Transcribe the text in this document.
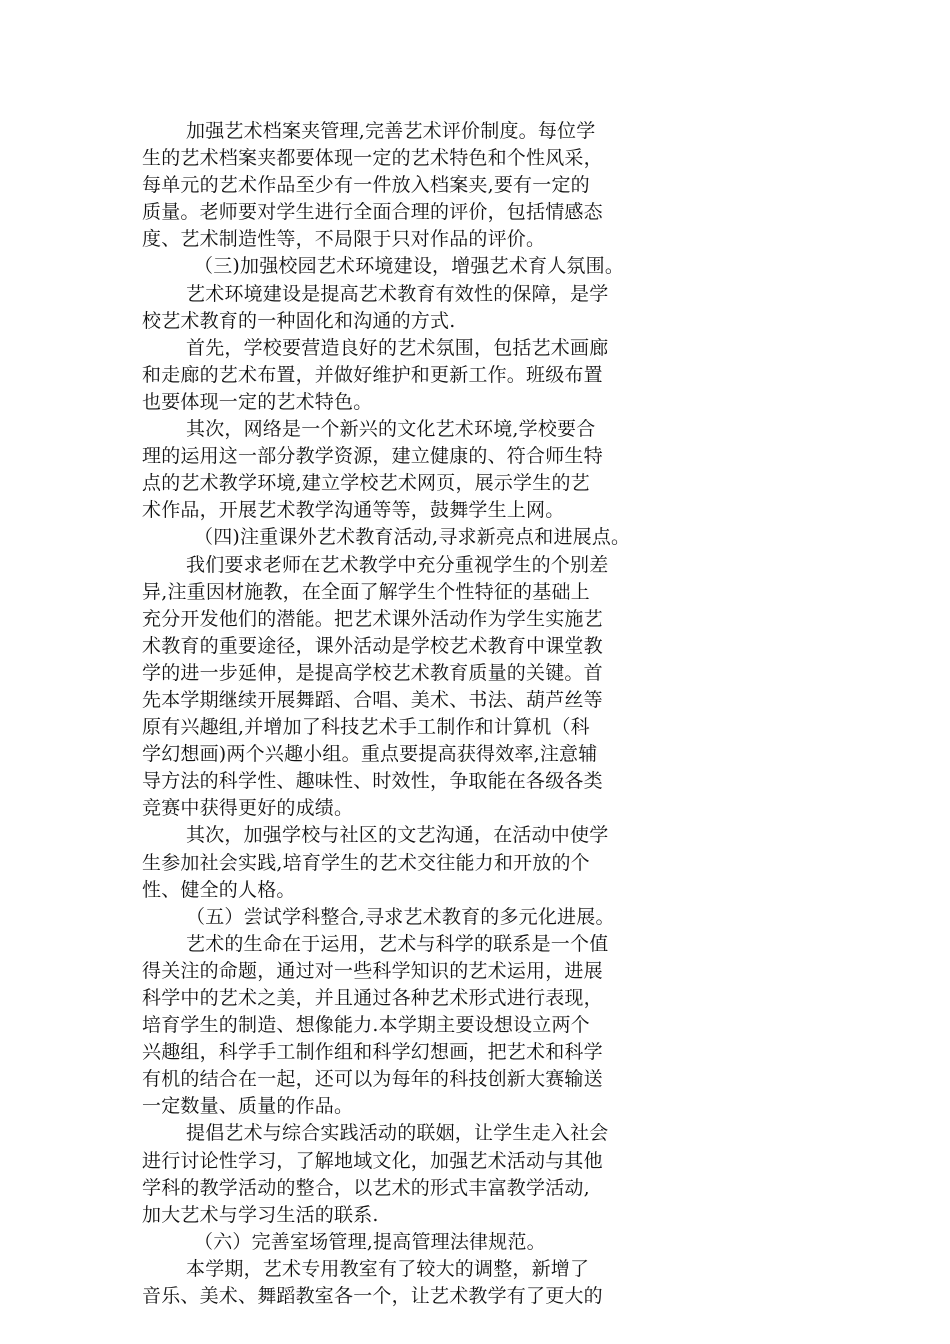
加强艺术档案夹管理,完善艺术评价制度。每位学
生的艺术档案夹都要体现一定的艺术特色和个性风采，
每单元的艺术作品至少有一件放入档案夹,要有一定的
质量。老师要对学生进行全面合理的评价，包括情感态
度、艺术制造性等，不局限于只对作品的评价。
（三)加强校园艺术环境建设，增强艺术育人氛围。
艺术环境建设是提高艺术教育有效性的保障，是学
校艺术教育的一种固化和沟通的方式.
首先，学校要营造良好的艺术氛围，包括艺术画廊
和走廊的艺术布置，并做好维护和更新工作。班级布置
也要体现一定的艺术特色。
其次，网络是一个新兴的文化艺术环境,学校要合
理的运用这一部分教学资源，建立健康的、符合师生特
点的艺术教学环境,建立学校艺术网页，展示学生的艺
术作品，开展艺术教学沟通等等，鼓舞学生上网。
（四)注重课外艺术教育活动,寻求新亮点和进展点。
我们要求老师在艺术教学中充分重视学生的个别差
异,注重因材施教，在全面了解学生个性特征的基础上
充分开发他们的潜能。把艺术课外活动作为学生实施艺
术教育的重要途径，课外活动是学校艺术教育中课堂教
学的进一步延伸，是提高学校艺术教育质量的关键。首
先本学期继续开展舞蹈、合唱、美术、书法、葫芦丝等
原有兴趣组,并增加了科技艺术手工制作和计算机（科
学幻想画)两个兴趣小组。重点要提高获得效率,注意辅
导方法的科学性、趣味性、时效性，争取能在各级各类
竞赛中获得更好的成绩。
其次，加强学校与社区的文艺沟通，在活动中使学
生参加社会实践,培育学生的艺术交往能力和开放的个
性、健全的人格。
（五）尝试学科整合,寻求艺术教育的多元化进展。
艺术的生命在于运用，艺术与科学的联系是一个值
得关注的命题，通过对一些科学知识的艺术运用，进展
科学中的艺术之美，并且通过各种艺术形式进行表现，
培育学生的制造、想像能力.本学期主要设想设立两个
兴趣组，科学手工制作组和科学幻想画，把艺术和科学
有机的结合在一起，还可以为每年的科技创新大赛输送
一定数量、质量的作品。
提倡艺术与综合实践活动的联姻，让学生走入社会
进行讨论性学习，了解地域文化，加强艺术活动与其他
学科的教学活动的整合，以艺术的形式丰富教学活动,
加大艺术与学习生活的联系.
（六）完善室场管理,提高管理法律规范。
本学期，艺术专用教室有了较大的调整，新增了
音乐、美术、舞蹈教室各一个，让艺术教学有了更大的
